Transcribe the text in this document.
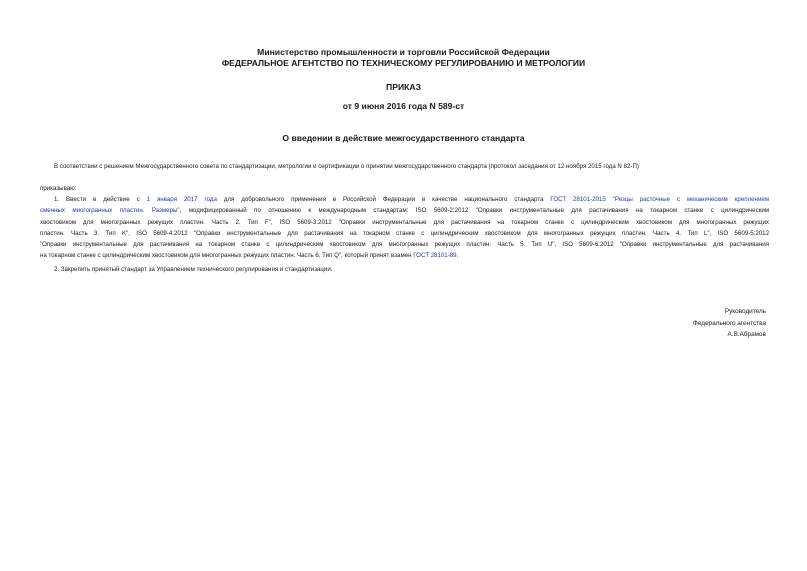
Министерство промышленности и торговли Российской Федерации
ФЕДЕРАЛЬНОЕ АГЕНТСТВО ПО ТЕХНИЧЕСКОМУ РЕГУЛИРОВАНИЮ И МЕТРОЛОГИИ
ПРИКАЗ
от 9 июня 2016 года N 589-ст
О введении в действие межгосударственного стандарта
В соответствии с решением Межгосударственного совета по стандартизации, метрологии и сертификации о принятии межгосударственного стандарта (протокол заседания от 12 ноября 2015 года N 82-П)
приказываю:
1. Ввести в действие с 1 января 2017 года для добровольного применения в Российской Федерации в качестве национального стандарта ГОСТ 28101-2015 "Резцы расточные с механическим креплением
сменных многогранных пластин. Размеры", модифицированный по отношению к международным стандартам: ISO 5609-2:2012 "Оправки инструментальные для растачивания на токарном станке с цилиндрическим
хвостовиком для многогранных режущих пластин. Часть 2. Тип F", ISO 5609-3:2012 "Оправки инструментальные для растачивания на токарном станке с цилиндрическим хвостовиком для многогранных режущих
пластин. Часть 3. Тип K", ISO 5609-4:2012 "Оправки инструментальные для растачивания на токарном станке с цилиндрическим хвостовиком для многогранных режущих пластин. Часть 4. Тип L", ISO 5609-5:2012
"Оправки инструментальные для растачивания на токарном станке с цилиндрическим хвостовиком для многогранных режущих пластин. Часть 5. Тип U", ISO 5609-6:2012 "Оправки инструментальные для растачивания
на токарном станке с цилиндрическим хвостовиком для многогранных режущих пластин. Часть 6. Тип Q", который принят взамен ГОСТ 28101-89.
2. Закрепить принятый стандарт за Управлением технического регулирования и стандартизации.
Руководитель
Федерального агентства
А.В.Абрамов
